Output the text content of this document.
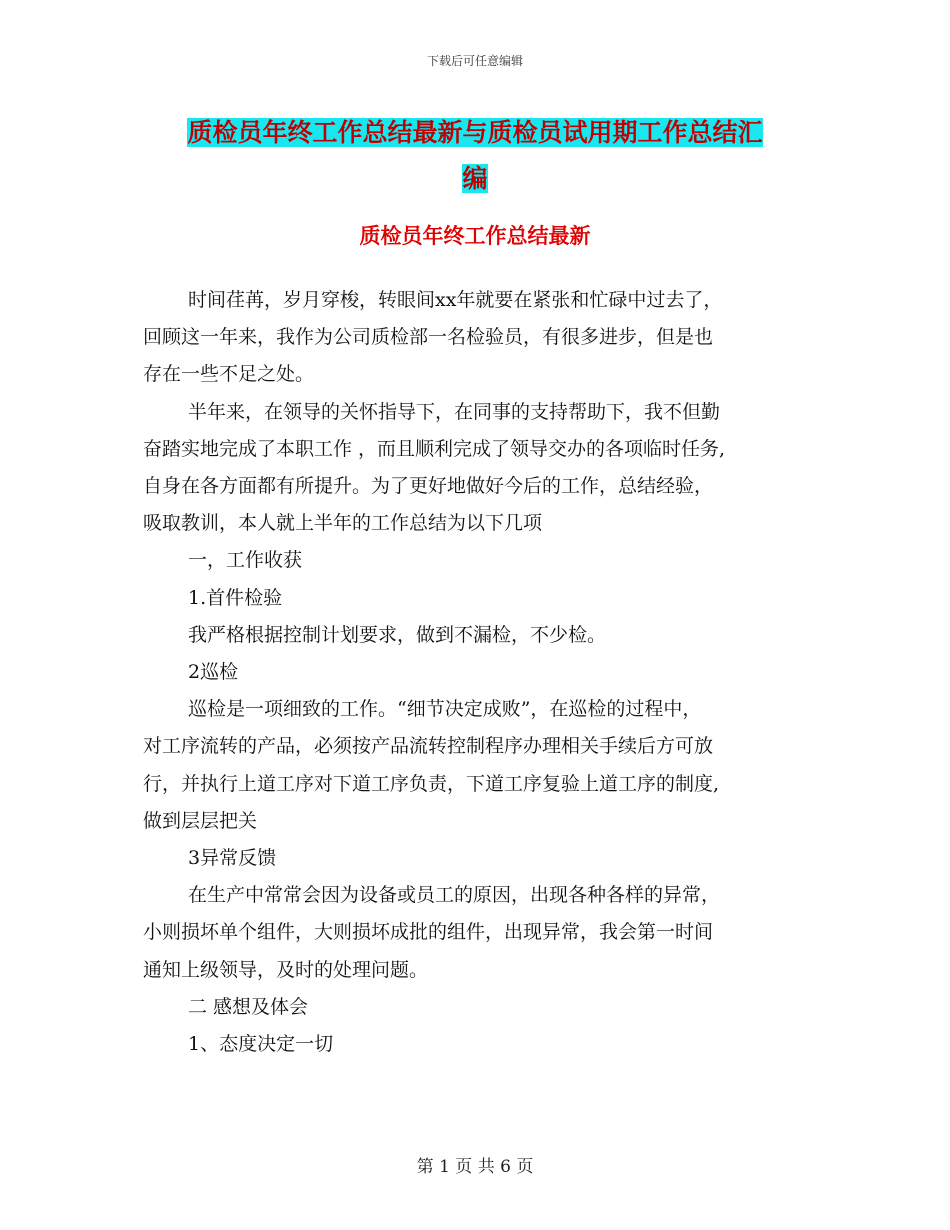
下载后可任意编辑
质检员年终工作总结最新与质检员试用期工作总结汇
编
质检员年终工作总结最新

时间荏苒，岁月穿梭，转眼间xx年就要在紧张和忙碌中过去了，

回顾这一年来，我作为公司质检部一名检验员，有很多进步，但是也

存在一些不足之处。

半年来，在领导的关怀指导下，在同事的支持帮助下，我不但勤

奋踏实地完成了本职工作 ，而且顺利完成了领导交办的各项临时任务,

自身在各方面都有所提升。为了更好地做好今后的工作，总结经验，

吸取教训，本人就上半年的工作总结为以下几项

一，工作收获

1.首件检验

我严格根据控制计划要求，做到不漏检，不少检。

2巡检

巡检是一项细致的工作。“细节决定成败”，在巡检的过程中，

对工序流转的产品，必须按产品流转控制程序办理相关手续后方可放

行，并执行上道工序对下道工序负责，下道工序复验上道工序的制度,

做到层层把关

3异常反馈

在生产中常常会因为设备或员工的原因，出现各种各样的异常，

小则损坏单个组件，大则损坏成批的组件，出现异常，我会第一时间

通知上级领导，及时的处理问题。

二 感想及体会

1、态度决定一切

第 1 页 共 6 页
